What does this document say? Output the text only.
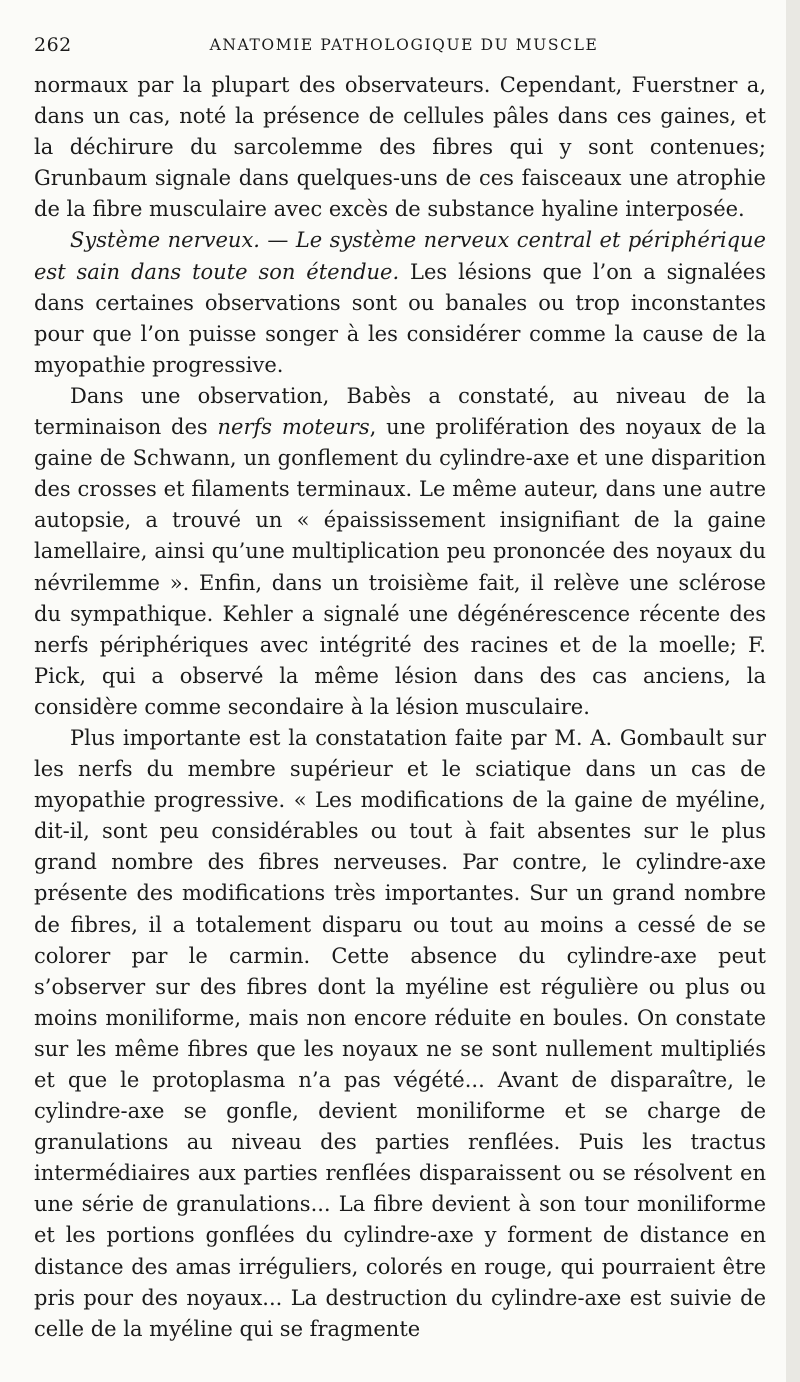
262	ANATOMIE PATHOLOGIQUE DU MUSCLE

normaux par la plupart des observateurs. Cependant, Fuerstner a, dans un cas, noté la présence de cellules pâles dans ces gaines, et la déchirure du sarcolemme des fibres qui y sont contenues; Grunbaum signale dans quelques-uns de ces faisceaux une atrophie de la fibre musculaire avec excès de substance hyaline interposée.

Système nerveux. — Le système nerveux central et périphérique est sain dans toute son étendue. Les lésions que l’on a signalées dans certaines observations sont ou banales ou trop inconstantes pour que l’on puisse songer à les considérer comme la cause de la myopathie progressive.

Dans une observation, Babès a constaté, au niveau de la terminaison des nerfs moteurs, une prolifération des noyaux de la gaine de Schwann, un gonflement du cylindre-axe et une disparition des crosses et filaments terminaux. Le même auteur, dans une autre autopsie, a trouvé un « épaississement insignifiant de la gaine lamellaire, ainsi qu’une multiplication peu prononcée des noyaux du névrilemme ». Enfin, dans un troisième fait, il relève une sclérose du sympathique. Kehler a signalé une dégénérescence récente des nerfs périphériques avec intégrité des racines et de la moelle; F. Pick, qui a observé la même lésion dans des cas anciens, la considère comme secondaire à la lésion musculaire.

Plus importante est la constatation faite par M. A. Gombault sur les nerfs du membre supérieur et le sciatique dans un cas de myopathie progressive. « Les modifications de la gaine de myéline, dit-il, sont peu considérables ou tout à fait absentes sur le plus grand nombre des fibres nerveuses. Par contre, le cylindre-axe présente des modifications très importantes. Sur un grand nombre de fibres, il a totalement disparu ou tout au moins a cessé de se colorer par le carmin. Cette absence du cylindre-axe peut s’observer sur des fibres dont la myéline est régulière ou plus ou moins moniliforme, mais non encore réduite en boules. On constate sur les même fibres que les noyaux ne se sont nullement multipliés et que le protoplasma n’a pas végété... Avant de disparaître, le cylindre-axe se gonfle, devient moniliforme et se charge de granulations au niveau des parties renflées. Puis les tractus intermédiaires aux parties renflées disparaissent ou se résolvent en une série de granulations... La fibre devient à son tour moniliforme et les portions gonflées du cylindre-axe y forment de distance en distance des amas irréguliers, colorés en rouge, qui pourraient être pris pour des noyaux... La destruction du cylindre-axe est suivie de celle de la myéline qui se fragmente
